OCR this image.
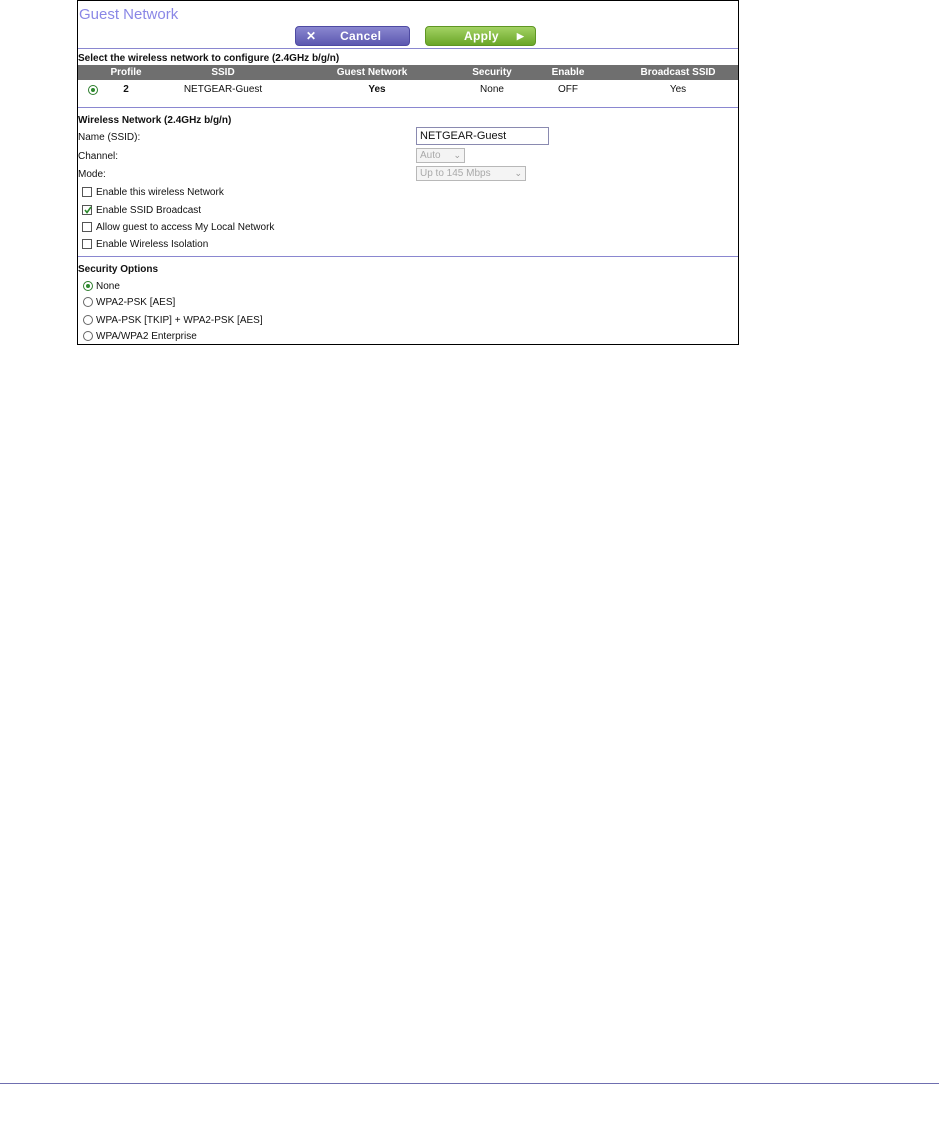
Guest Network
✕ Cancel	Apply ▶
Select the wireless network to configure (2.4GHz b/g/n)
Profile	SSID	Guest Network	Security	Enable	Broadcast SSID
2	NETGEAR-Guest	Yes	None	OFF	Yes
Wireless Network (2.4GHz b/g/n)
Name (SSID):
NETGEAR-Guest
Channel:	Auto ⌄
Mode:	Up to 145 Mbps	⌄
Enable this wireless Network
Enable SSID Broadcast
Allow guest to access My Local Network
Enable Wireless Isolation
Security Options
None
WPA2-PSK [AES]
WPA-PSK [TKIP] + WPA2-PSK [AES]
WPA/WPA2 Enterprise
